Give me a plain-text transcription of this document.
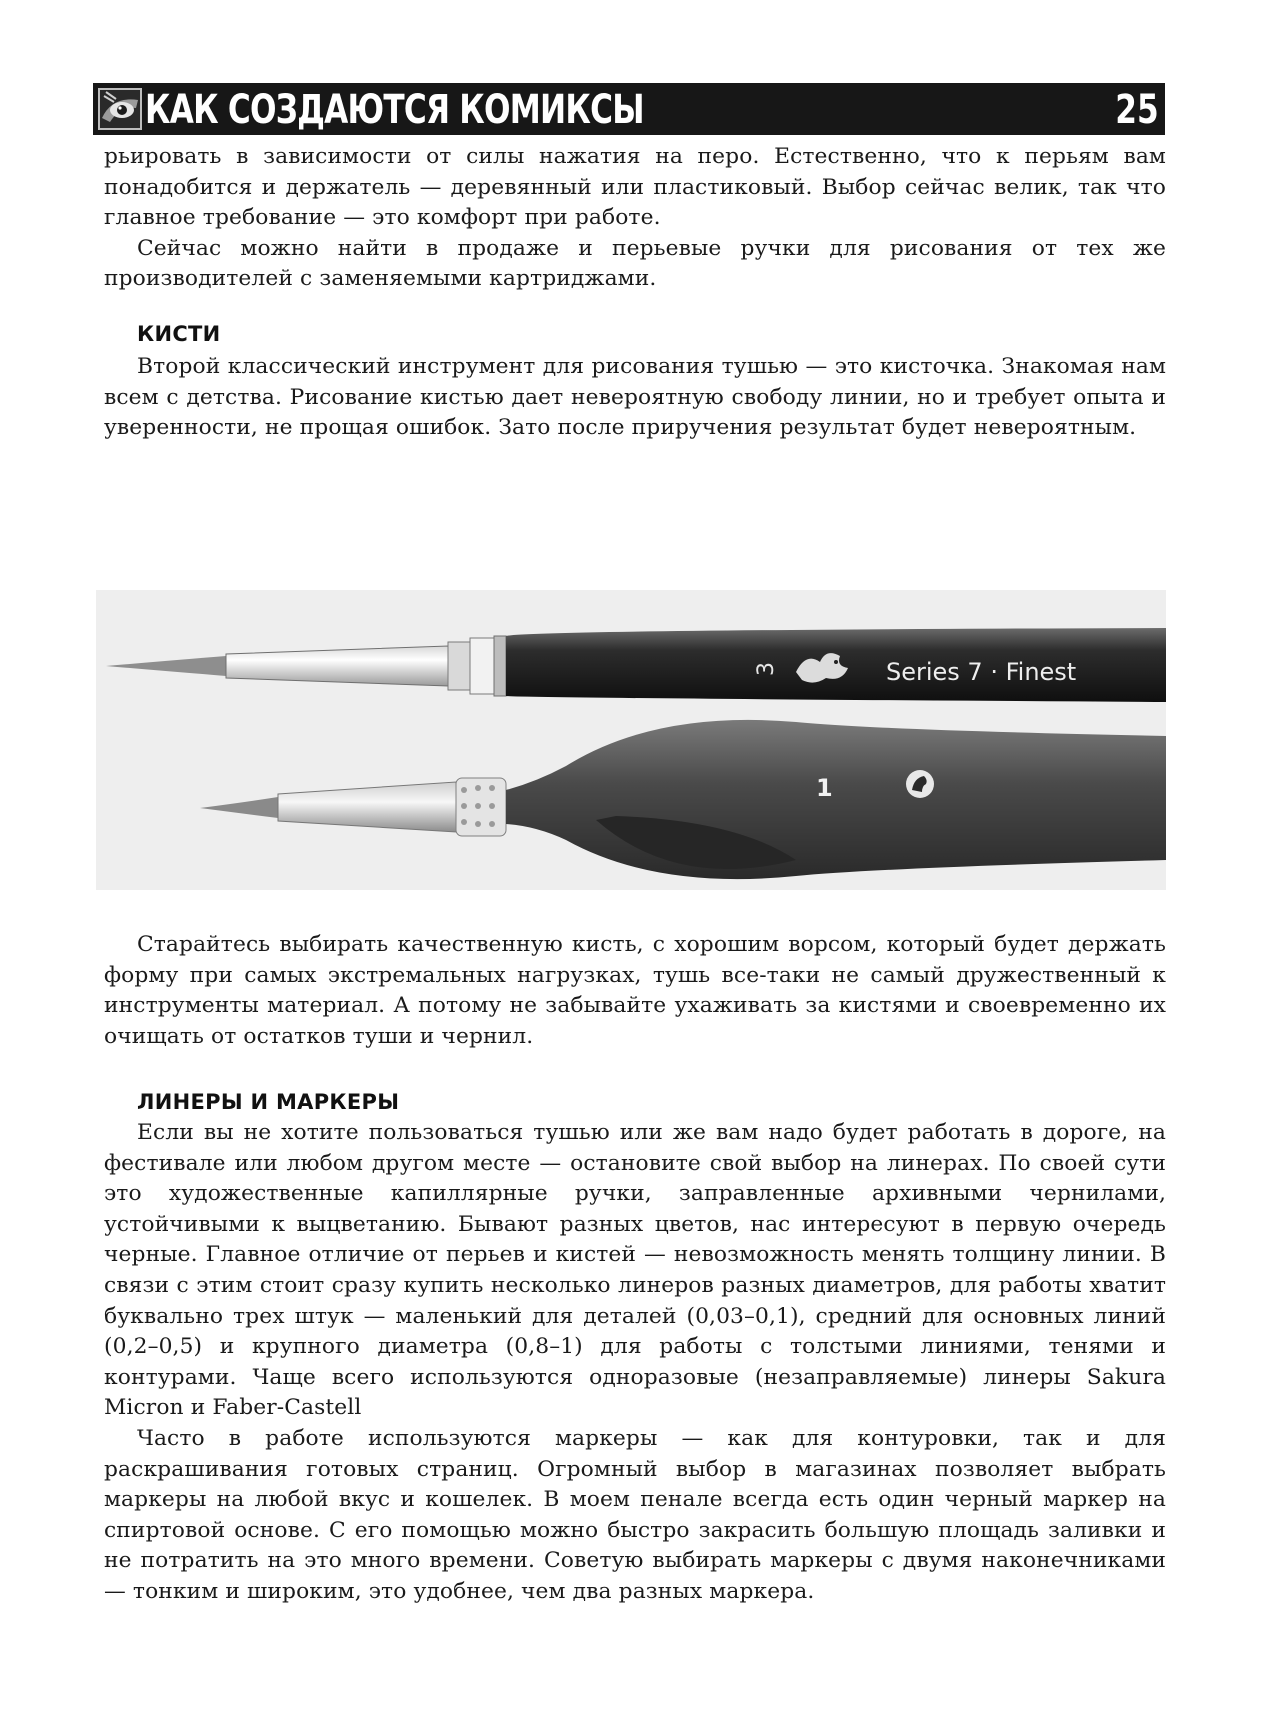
КАК СОЗДАЮТСЯ КОМИКСЫ	25

рьировать в зависимости от силы нажатия на перо. Естественно, что к перьям вам понадобится и держатель — деревянный или пластиковый. Выбор сейчас велик, так что главное требование — это комфорт при работе.

Сейчас можно найти в продаже и перьевые ручки для рисования от тех же производителей с заменяемыми картриджами.

КИСТИ

Второй классический инструмент для рисования тушью — это кисточка. Знакомая нам всем с детства. Рисование кистью дает невероятную свободу линии, но и требует опыта и уверенности, не прощая ошибок. Зато после приручения результат будет невероятным.

3	Series 7 · Finest
1

Старайтесь выбирать качественную кисть, с хорошим ворсом, который будет держать форму при самых экстремальных нагрузках, тушь все-таки не самый дружественный к инструменты материал. А потому не забывайте ухаживать за кистями и своевременно их очищать от остатков туши и чернил.

ЛИНЕРЫ И МАРКЕРЫ

Если вы не хотите пользоваться тушью или же вам надо будет работать в дороге, на фестивале или любом другом месте — остановите свой выбор на линерах. По своей сути это художественные капиллярные ручки, заправленные архивными чернилами, устойчивыми к выцветанию. Бывают разных цветов, нас интересуют в первую очередь черные. Главное отличие от перьев и кистей — невозможность менять толщину линии. В связи с этим стоит сразу купить несколько линеров разных диаметров, для работы хватит буквально трех штук — маленький для деталей (0,03–0,1), средний для основных линий (0,2–0,5) и крупного диаметра (0,8–1) для работы с толстыми линиями, тенями и контурами. Чаще всего используются одноразовые (незаправляемые) линеры Sakura Micron и Faber-Castell

Часто в работе используются маркеры — как для контуровки, так и для раскрашивания готовых страниц. Огромный выбор в магазинах позволяет выбрать маркеры на любой вкус и кошелек. В моем пенале всегда есть один черный маркер на спиртовой основе. С его помощью можно быстро закрасить большую площадь заливки и не потратить на это много времени. Советую выбирать маркеры с двумя наконечниками — тонким и широким, это удобнее, чем два разных маркера.
